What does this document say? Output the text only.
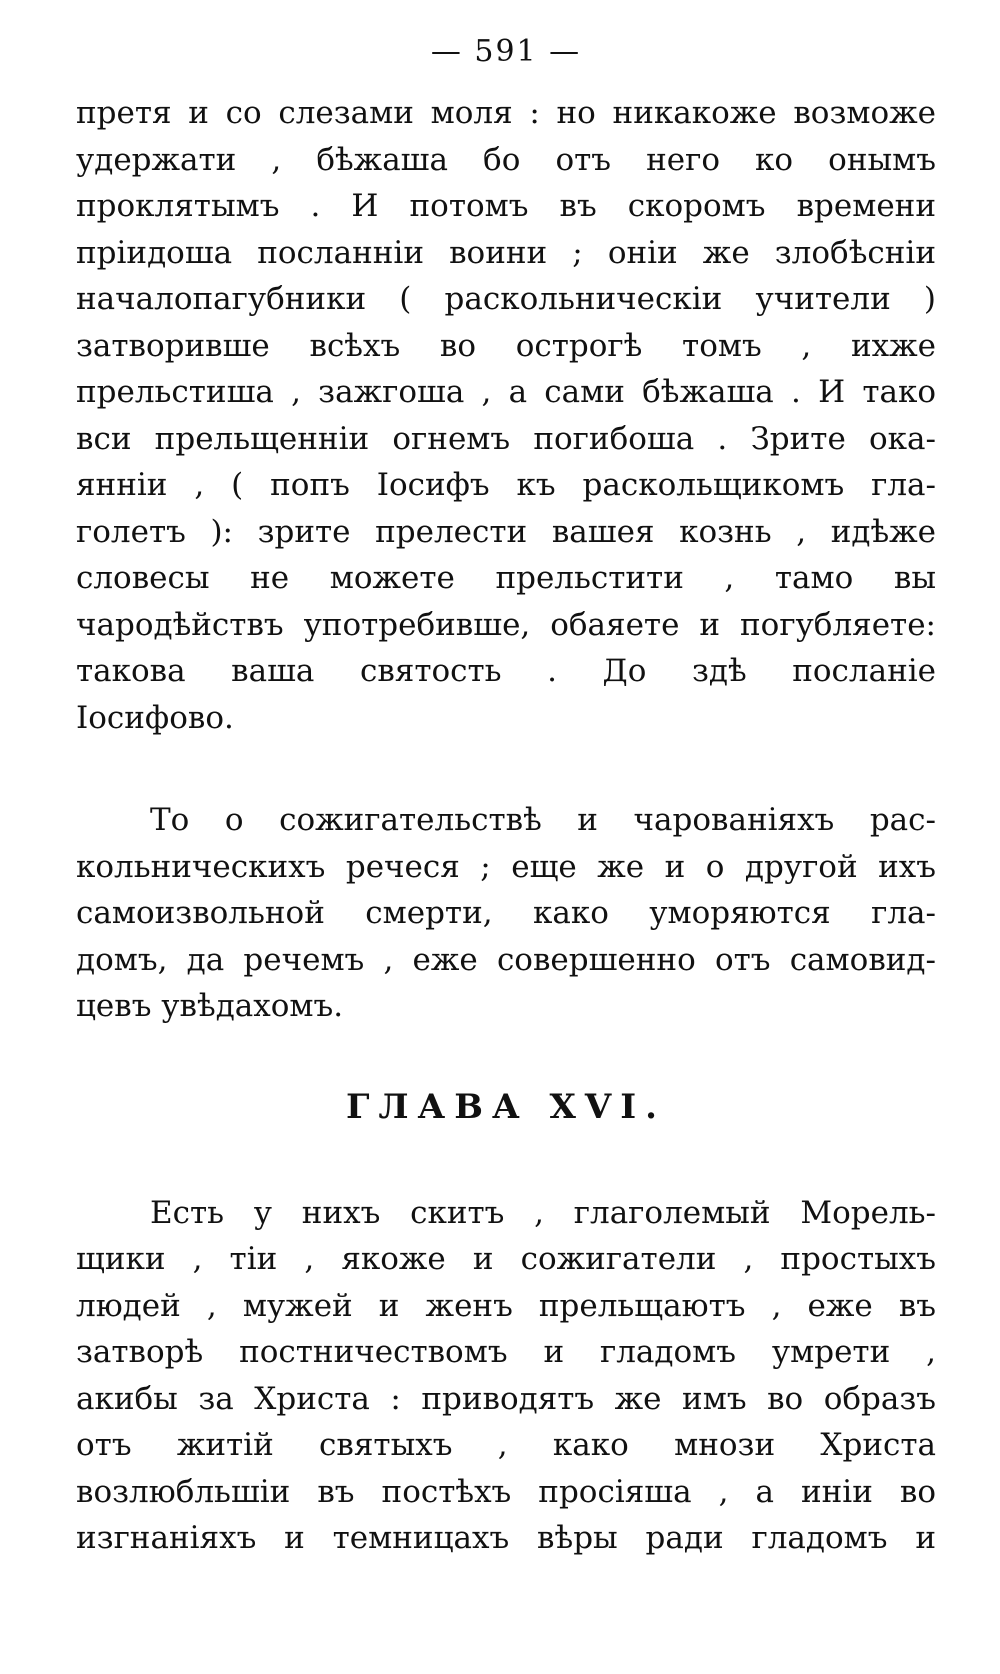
— 591 —
претя и со слезами моля : но никакоже возможе
удержати , бѣжаша бо отъ него ко онымъ
проклятымъ . И потомъ въ скоромъ времени
пріидоша посланніи воини ; оніи же злобѣсніи
началопагубники ( раскольническіи учители )
затворивше всѣхъ во острогѣ томъ , ихже
прельстиша , зажгоша , а сами бѣжаша . И тако
вси прельщенніи огнемъ погибоша . Зрите ока-
янніи , ( попъ Іосифъ къ раскольщикомъ гла-
голетъ ): зрите прелести вашея кознь , идѣже
словесы не можете прельстити , тамо вы
чародѣйствъ употребивше, обаяете и погубляете:
такова ваша святость . До здѣ посланіе
Іосифово.
То о сожигательствѣ и чарованіяхъ рас-
кольническихъ речеся ; еще же и о другой ихъ
самоизвольной смерти, како уморяются гла-
домъ, да речемъ , еже совершенно отъ самовид-
цевъ увѣдахомъ.
ГЛАВА XVI.
Есть у нихъ скитъ , глаголемый Морель-
щики , тіи , якоже и сожигатели , простыхъ
людей , мужей и женъ прельщаютъ , еже въ
затворѣ постничествомъ и гладомъ умрети ,
акибы за Христа : приводятъ же имъ во образъ
отъ житій святыхъ , како мнози Христа
возлюбльшіи въ постѣхъ просіяша , а иніи во
изгнаніяхъ и темницахъ вѣры ради гладомъ и
